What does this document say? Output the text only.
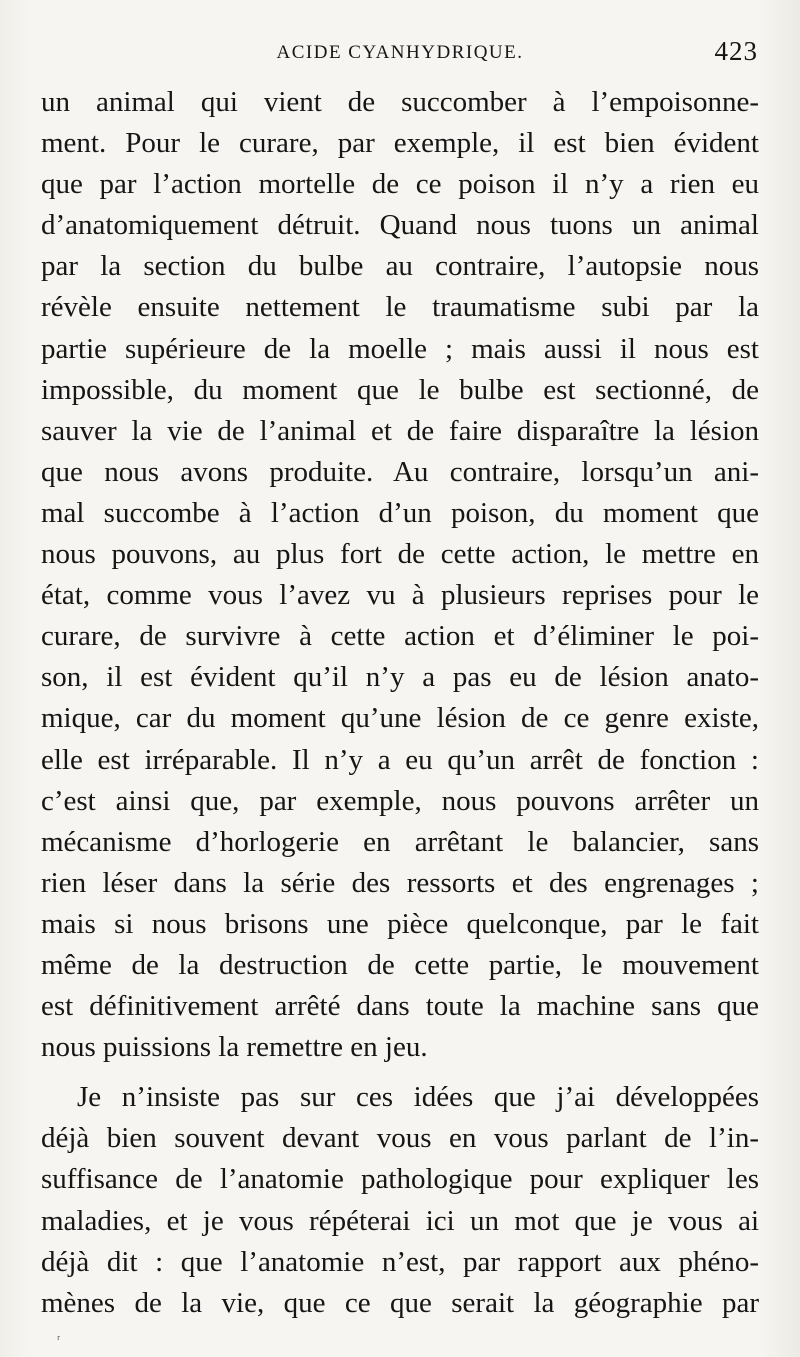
ACIDE CYANHYDRIQUE.	423
un animal qui vient de succomber à l’empoisonne-
ment. Pour le curare, par exemple, il est bien évident
que par l’action mortelle de ce poison il n’y a rien eu
d’anatomiquement détruit. Quand nous tuons un animal
par la section du bulbe au contraire, l’autopsie nous
révèle ensuite nettement le traumatisme subi par la
partie supérieure de la moelle ; mais aussi il nous est
impossible, du moment que le bulbe est sectionné, de
sauver la vie de l’animal et de faire disparaître la lésion
que nous avons produite. Au contraire, lorsqu’un ani-
mal succombe à l’action d’un poison, du moment que
nous pouvons, au plus fort de cette action, le mettre en
état, comme vous l’avez vu à plusieurs reprises pour le
curare, de survivre à cette action et d’éliminer le poi-
son, il est évident qu’il n’y a pas eu de lésion anato-
mique, car du moment qu’une lésion de ce genre existe,
elle est irréparable. Il n’y a eu qu’un arrêt de fonction :
c’est ainsi que, par exemple, nous pouvons arrêter un
mécanisme d’horlogerie en arrêtant le balancier, sans
rien léser dans la série des ressorts et des engrenages ;
mais si nous brisons une pièce quelconque, par le fait
même de la destruction de cette partie, le mouvement
est définitivement arrêté dans toute la machine sans que
nous puissions la remettre en jeu.
Je n’insiste pas sur ces idées que j’ai développées
déjà bien souvent devant vous en vous parlant de l’in-
suffisance de l’anatomie pathologique pour expliquer les
maladies, et je vous répéterai ici un mot que je vous ai
déjà dit : que l’anatomie n’est, par rapport aux phéno-
mènes de la vie, que ce que serait la géographie par
ʳ
